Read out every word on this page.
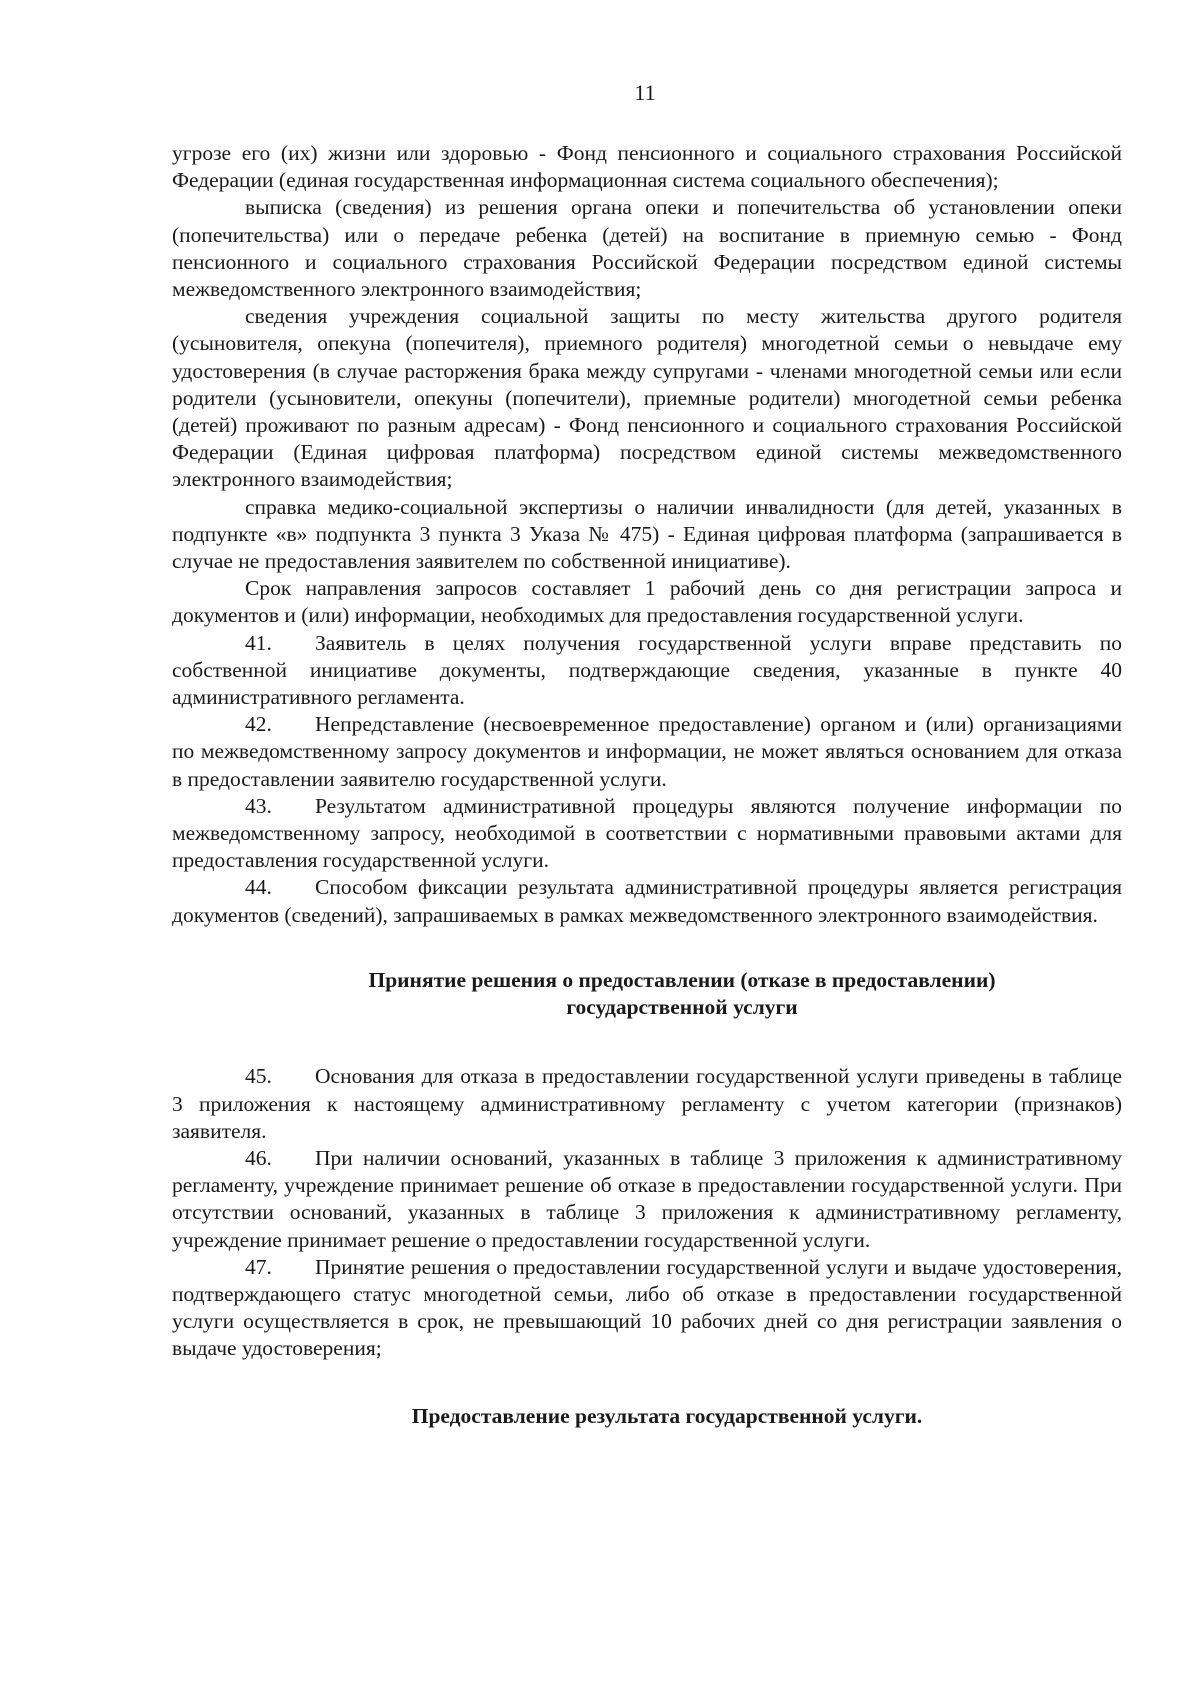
11

угрозе его (их) жизни или здоровью - Фонд пенсионного и социального страхования Российской Федерации (единая государственная информационная система социального обеспечения);

выписка (сведения) из решения органа опеки и попечительства об установлении опеки (попечительства) или о передаче ребенка (детей) на воспитание в приемную семью - Фонд пенсионного и социального страхования Российской Федерации посредством единой системы межведомственного электронного взаимодействия;

сведения учреждения социальной защиты по месту жительства другого родителя (усыновителя, опекуна (попечителя), приемного родителя) многодетной семьи о невыдаче ему удостоверения (в случае расторжения брака между супругами - членами многодетной семьи или если родители (усыновители, опекуны (попечители), приемные родители) многодетной семьи ребенка (детей) проживают по разным адресам) - Фонд пенсионного и социального страхования Российской Федерации (Единая цифровая платформа) посредством единой системы межведомственного электронного взаимодействия;

справка медико-социальной экспертизы о наличии инвалидности (для детей, указанных в подпункте «в» подпункта 3 пункта 3 Указа № 475) - Единая цифровая платформа (запрашивается в случае не предоставления заявителем по собственной инициативе).

Срок направления запросов составляет 1 рабочий день со дня регистрации запроса и документов и (или) информации, необходимых для предоставления государственной услуги.

41. Заявитель в целях получения государственной услуги вправе представить по собственной инициативе документы, подтверждающие сведения, указанные в пункте 40 административного регламента.

42. Непредставление (несвоевременное предоставление) органом и (или) организациями по межведомственному запросу документов и информации, не может являться основанием для отказа в предоставлении заявителю государственной услуги.

43. Результатом административной процедуры являются получение информации по межведомственному запросу, необходимой в соответствии с нормативными правовыми актами для предоставления государственной услуги.

44. Способом фиксации результата административной процедуры является регистрация документов (сведений), запрашиваемых в рамках межведомственного электронного взаимодействия.

Принятие решения о предоставлении (отказе в предоставлении)
государственной услуги

45. Основания для отказа в предоставлении государственной услуги приведены в таблице 3 приложения к настоящему административному регламенту с учетом категории (признаков) заявителя.

46. При наличии оснований, указанных в таблице 3 приложения к административному регламенту, учреждение принимает решение об отказе в предоставлении государственной услуги. При отсутствии оснований, указанных в таблице 3 приложения к административному регламенту, учреждение принимает решение о предоставлении государственной услуги.

47. Принятие решения о предоставлении государственной услуги и выдаче удостоверения, подтверждающего статус многодетной семьи, либо об отказе в предоставлении государственной услуги осуществляется в срок, не превышающий 10 рабочих дней со дня регистрации заявления о выдаче удостоверения;

Предоставление результата государственной услуги.
